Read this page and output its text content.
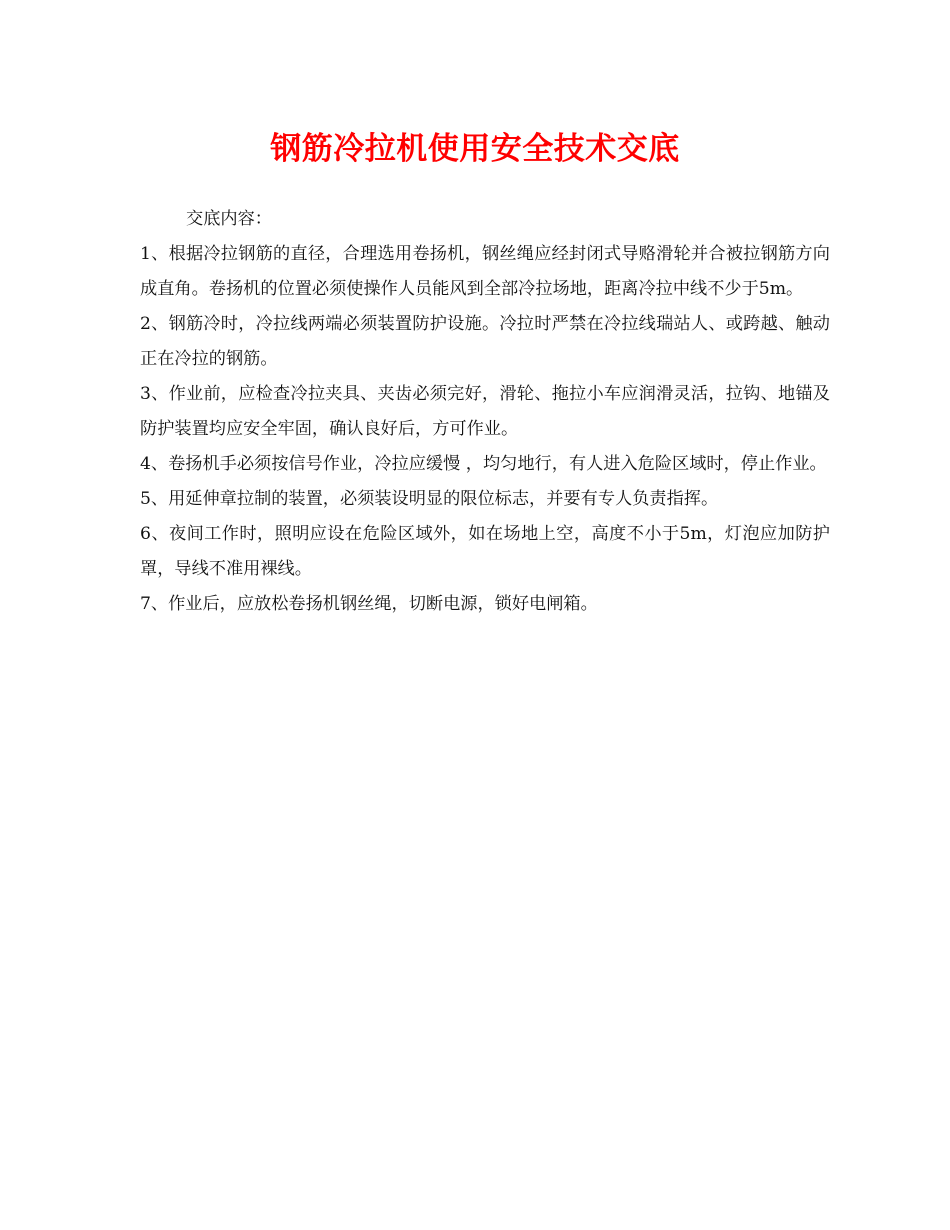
钢筋冷拉机使用安全技术交底

交底内容：

1、根据冷拉钢筋的直径，合理选用卷扬机，钢丝绳应经封闭式导赂滑轮并合被拉钢筋方向成直角。卷扬机的位置必须使操作人员能风到全部冷拉场地，距离冷拉中线不少于5m。

2、钢筋冷时，冷拉线两端必须装置防护设施。冷拉时严禁在冷拉线瑞站人、或跨越、触动正在冷拉的钢筋。

3、作业前，应检查冷拉夹具、夹齿必须完好，滑轮、拖拉小车应润滑灵活，拉钩、地锚及防护装置均应安全牢固，确认良好后，方可作业。

4、卷扬机手必须按信号作业，冷拉应缓慢 ，均匀地行，有人进入危险区域时，停止作业。

5、用延伸章拉制的装置，必须装设明显的限位标志，并要有专人负责指挥。

6、夜间工作时，照明应设在危险区域外，如在场地上空，高度不小于5m，灯泡应加防护罩，导线不准用裸线。

7、作业后，应放松卷扬机钢丝绳，切断电源，锁好电闸箱。
